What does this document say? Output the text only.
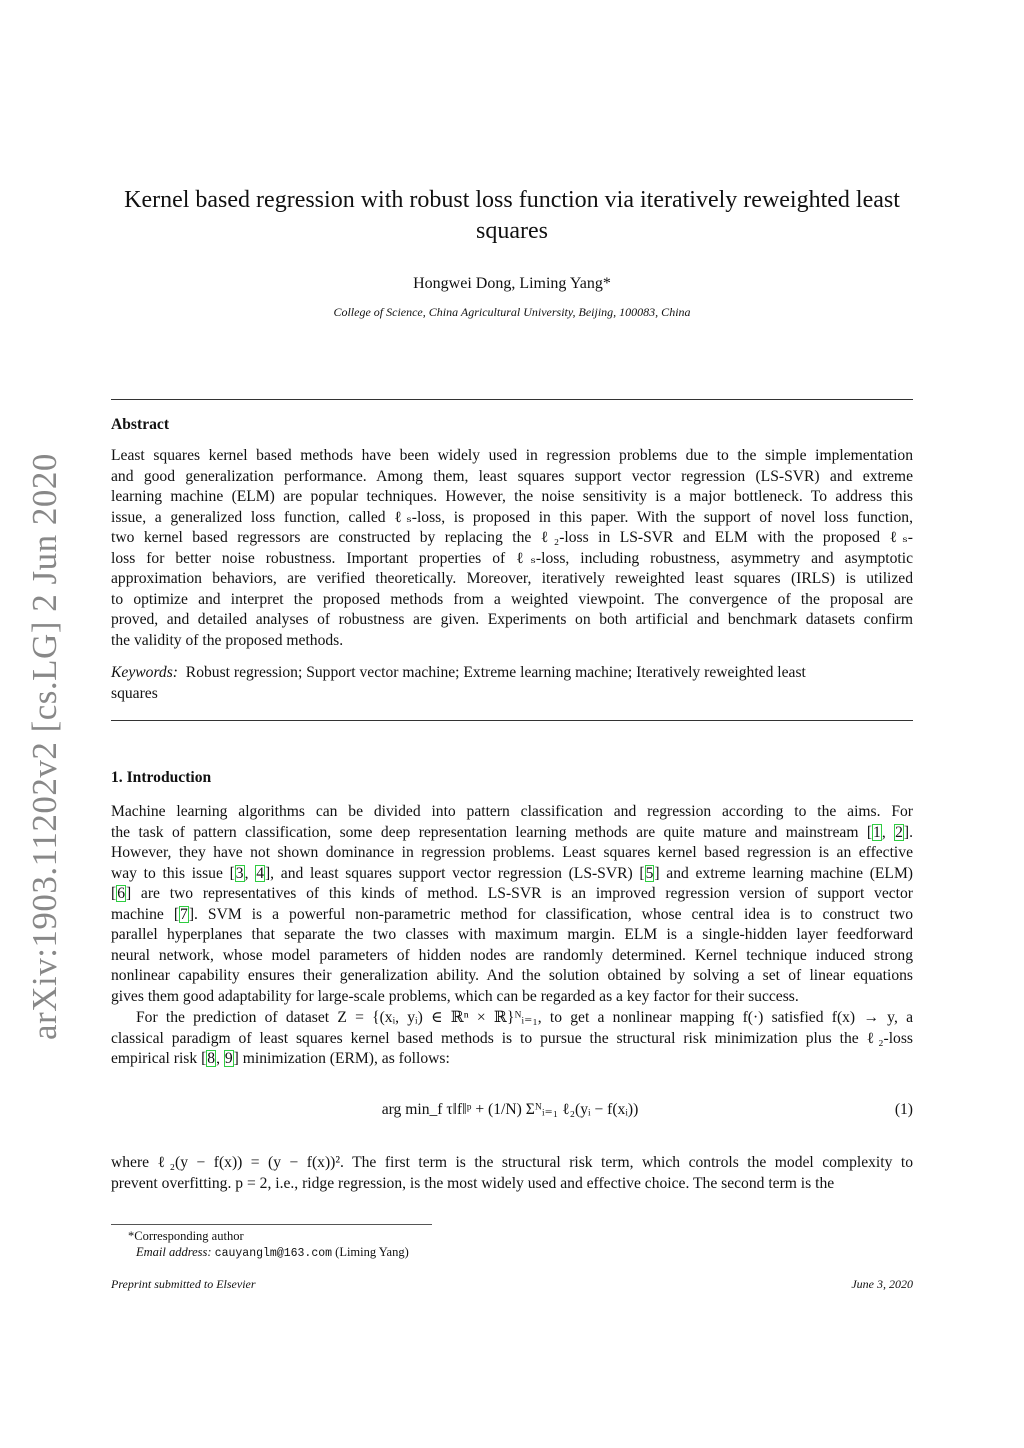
arXiv:1903.11202v2 [cs.LG] 2 Jun 2020
Kernel based regression with robust loss function via iteratively reweighted least
squares
Hongwei Dong, Liming Yang*
College of Science, China Agricultural University, Beijing, 100083, China
Abstract
Least squares kernel based methods have been widely used in regression problems due to the simple implementation
and good generalization performance. Among them, least squares support vector regression (LS-SVR) and extreme
learning machine (ELM) are popular techniques. However, the noise sensitivity is a major bottleneck. To address this
issue, a generalized loss function, called ℓₛ-loss, is proposed in this paper. With the support of novel loss function,
two kernel based regressors are constructed by replacing the ℓ₂-loss in LS-SVR and ELM with the proposed ℓₛ-
loss for better noise robustness. Important properties of ℓₛ-loss, including robustness, asymmetry and asymptotic
approximation behaviors, are verified theoretically. Moreover, iteratively reweighted least squares (IRLS) is utilized
to optimize and interpret the proposed methods from a weighted viewpoint. The convergence of the proposal are
proved, and detailed analyses of robustness are given. Experiments on both artificial and benchmark datasets confirm
the validity of the proposed methods.
Keywords: Robust regression; Support vector machine; Extreme learning machine; Iteratively reweighted least
squares
1. Introduction
Machine learning algorithms can be divided into pattern classification and regression according to the aims. For
the task of pattern classification, some deep representation learning methods are quite mature and mainstream [1, 2].
However, they have not shown dominance in regression problems. Least squares kernel based regression is an effective
way to this issue [3, 4], and least squares support vector regression (LS-SVR) [5] and extreme learning machine (ELM)
[6] are two representatives of this kinds of method. LS-SVR is an improved regression version of support vector
machine [7]. SVM is a powerful non-parametric method for classification, whose central idea is to construct two
parallel hyperplanes that separate the two classes with maximum margin. ELM is a single-hidden layer feedforward
neural network, whose model parameters of hidden nodes are randomly determined. Kernel technique induced strong
nonlinear capability ensures their generalization ability. And the solution obtained by solving a set of linear equations
gives them good adaptability for large-scale problems, which can be regarded as a key factor for their success.
For the prediction of dataset Z = {(xᵢ, yᵢ) ∈ ℝⁿ × ℝ}ᴺᵢ₌₁, to get a nonlinear mapping f(·) satisfied f(x) → y, a
classical paradigm of least squares kernel based methods is to pursue the structural risk minimization plus the ℓ₂-loss
empirical risk [8, 9] minimization (ERM), as follows:
where ℓ₂(y − f(x)) = (y − f(x))². The first term is the structural risk term, which controls the model complexity to
prevent overfitting. p = 2, i.e., ridge regression, is the most widely used and effective choice. The second term is the
arg min_f τ‖f‖ᵖ + (1/N) Σᴺᵢ₌₁ ℓ₂(yᵢ − f(xᵢ))	(1)
*Corresponding author
Email address: cauyanglm@163.com (Liming Yang)
Preprint submitted to Elsevier	June 3, 2020
